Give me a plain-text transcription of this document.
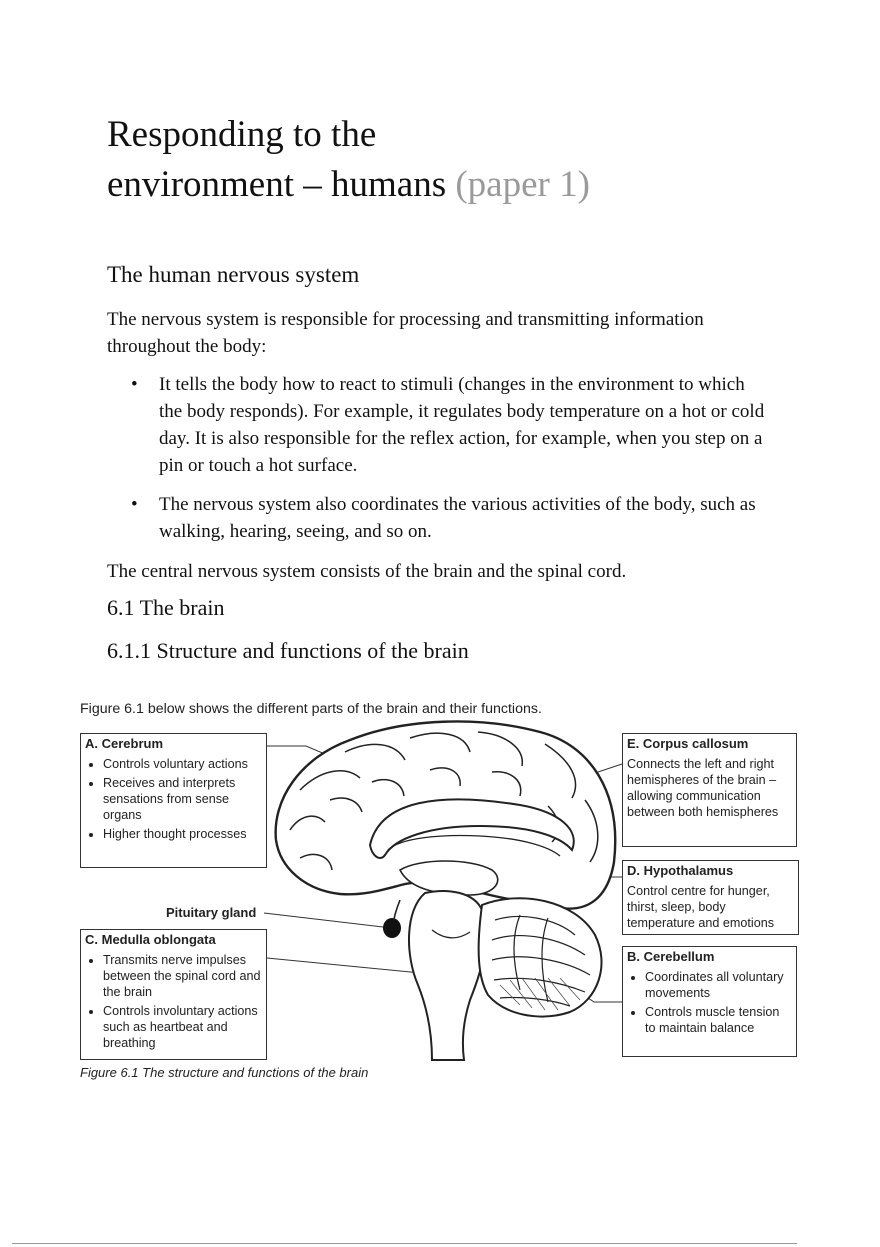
Responding to the
environment – humans (paper 1)
The human nervous system

The nervous system is responsible for processing and transmitting information throughout the body:

•	It tells the body how to react to stimuli (changes in the environment to which the body responds). For example, it regulates body temperature on a hot or cold day. It is also responsible for the reflex action, for example, when you step on a pin or touch a hot surface.
•	The nervous system also coordinates the various activities of the body, such as walking, hearing, seeing, and so on.

The central nervous system consists of the brain and the spinal cord.

6.1 The brain
6.1.1 Structure and functions of the brain

Figure 6.1 below shows the different parts of the brain and their functions.

A. Cerebrum
• Controls voluntary actions
• Receives and interprets sensations from sense organs
• Higher thought processes

Pituitary gland

C. Medulla oblongata
• Transmits nerve impulses between the spinal cord and the brain
• Controls involuntary actions such as heartbeat and breathing
E. Corpus callosum
Connects the left and right hemispheres of the brain – allowing communication between both hemispheres
D. Hypothalamus
Control centre for hunger, thirst, sleep, body temperature and emotions
B. Cerebellum
• Coordinates all voluntary movements
• Controls muscle tension to maintain balance

Figure 6.1 The structure and functions of the brain
